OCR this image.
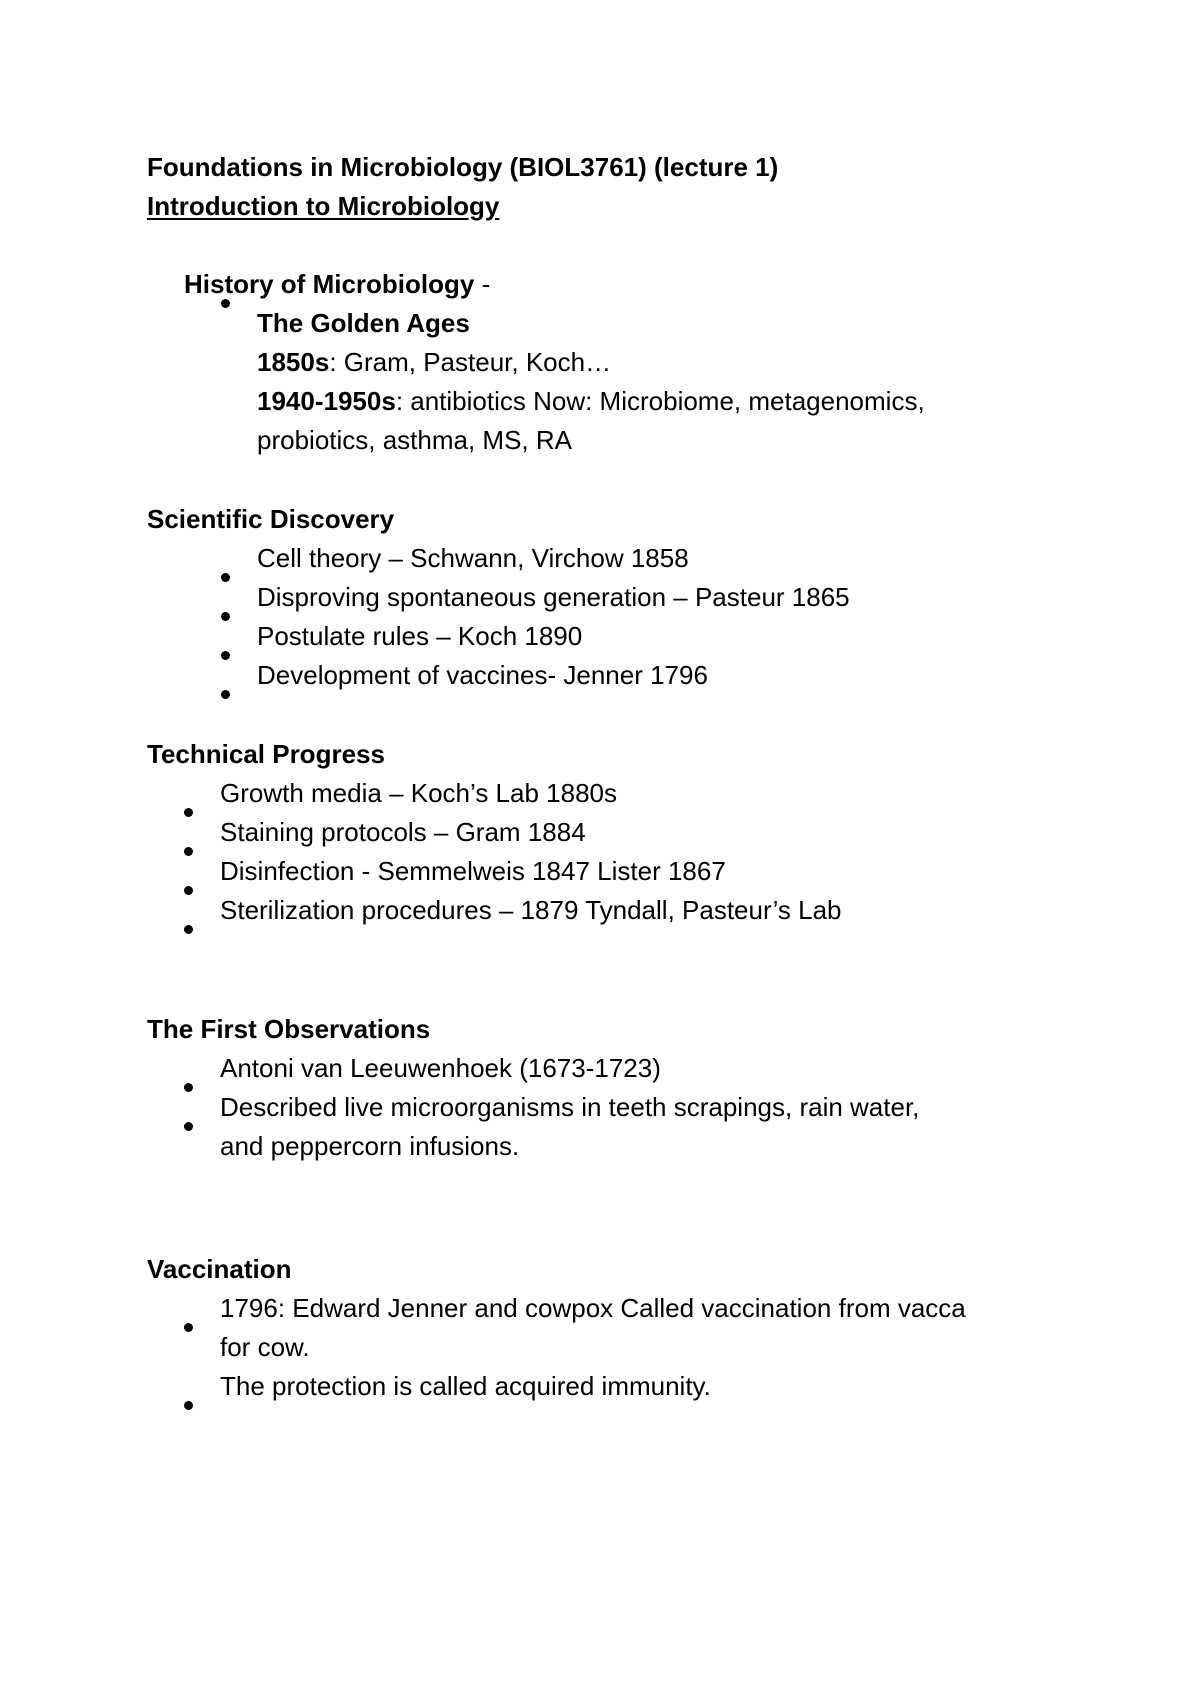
Foundations in Microbiology (BIOL3761) (lecture 1)

Introduction to Microbiology

History of Microbiology -

The Golden Ages

1850s: Gram, Pasteur, Koch…

1940-1950s: antibiotics Now: Microbiome, metagenomics,

probiotics, asthma, MS, RA

Scientific Discovery

Cell theory – Schwann, Virchow 1858

Disproving spontaneous generation – Pasteur 1865

Postulate rules – Koch 1890

Development of vaccines- Jenner 1796

Technical Progress

Growth media – Koch’s Lab 1880s

Staining protocols – Gram 1884

Disinfection - Semmelweis 1847 Lister 1867

Sterilization procedures – 1879 Tyndall, Pasteur’s Lab

The First Observations

Antoni van Leeuwenhoek (1673-1723)

Described live microorganisms in teeth scrapings, rain water,

and peppercorn infusions.

Vaccination

1796: Edward Jenner and cowpox Called vaccination from vacca

for cow.

The protection is called acquired immunity.
